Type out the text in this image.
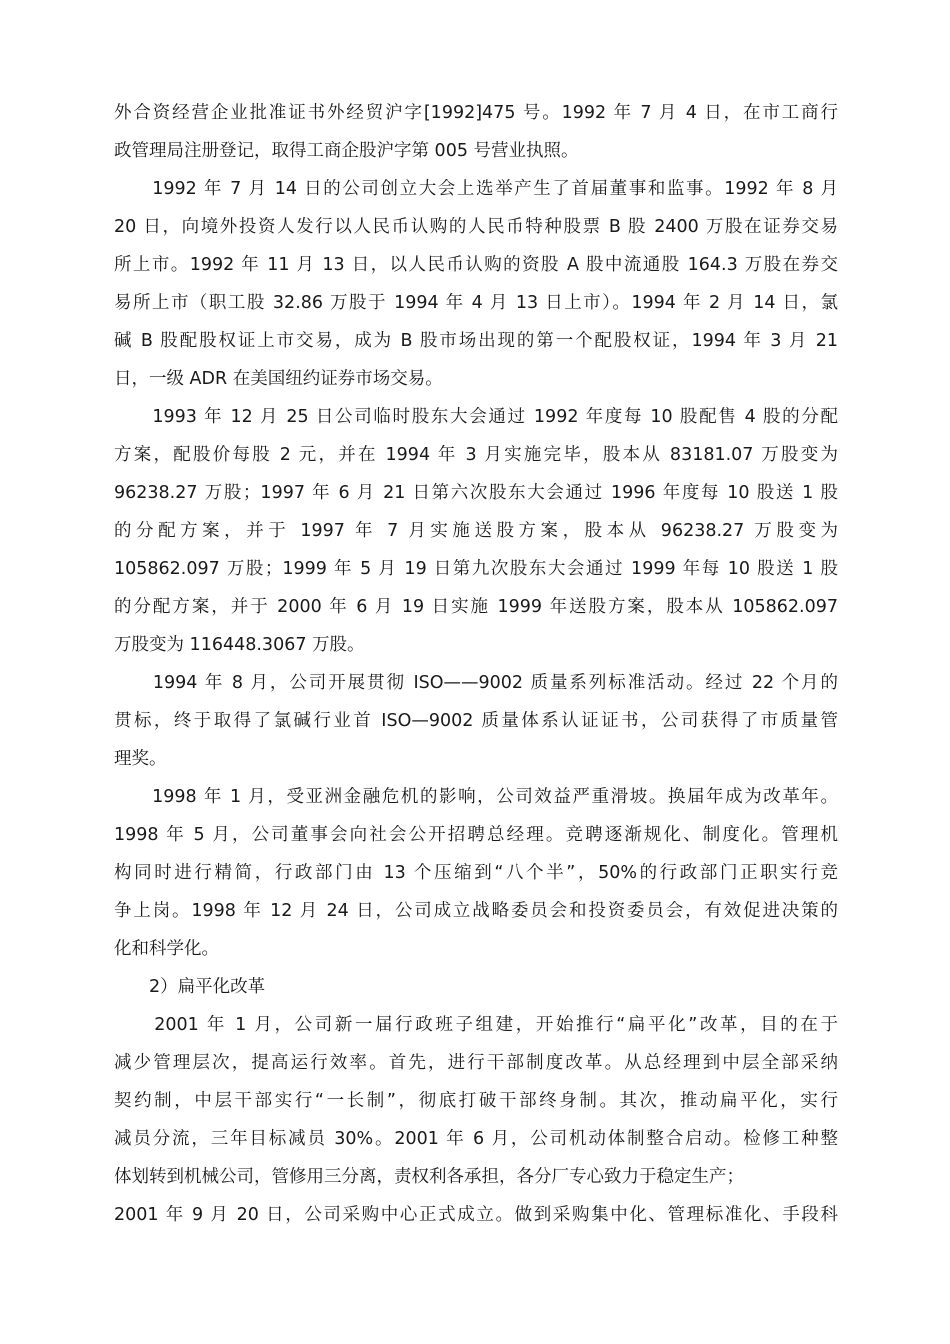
外合资经营企业批准证书外经贸沪字[1992]475 号。1992 年 7 月 4 日，在市工商行
政管理局注册登记，取得工商企股沪字第 005 号营业执照。
　　1992 年 7 月 14 日的公司创立大会上选举产生了首届董事和监事。1992 年 8 月
20 日，向境外投资人发行以人民币认购的人民币特种股票 B 股 2400 万股在证券交易
所上市。1992 年 11 月 13 日，以人民币认购的资股 A 股中流通股 164.3 万股在券交
易所上市（职工股 32.86 万股于 1994 年 4 月 13 日上市）。1994 年 2 月 14 日，氯
碱 B 股配股权证上市交易，成为 B 股市场出现的第一个配股权证，1994 年 3 月 21
日，一级 ADR 在美国纽约证券市场交易。
　　1993 年 12 月 25 日公司临时股东大会通过 1992 年度每 10 股配售 4 股的分配
方案，配股价每股 2 元，并在 1994 年 3 月实施完毕，股本从 83181.07 万股变为
96238.27 万股；1997 年 6 月 21 日第六次股东大会通过 1996 年度每 10 股送 1 股
的分配方案，并于 1997 年 7 月实施送股方案，股本从 96238.27 万股变为
105862.097 万股；1999 年 5 月 19 日第九次股东大会通过 1999 年每 10 股送 1 股
的分配方案，并于 2000 年 6 月 19 日实施 1999 年送股方案，股本从 105862.097
万股变为 116448.3067 万股。
　　1994 年 8 月，公司开展贯彻 ISO——9002 质量系列标准活动。经过 22 个月的
贯标，终于取得了氯碱行业首 ISO—9002 质量体系认证证书，公司获得了市质量管
理奖。
　　1998 年 1 月，受亚洲金融危机的影响，公司效益严重滑坡。换届年成为改革年。
1998 年 5 月，公司董事会向社会公开招聘总经理。竞聘逐渐规化、制度化。管理机
构同时进行精简，行政部门由 13 个压缩到“八个半”，50%的行政部门正职实行竞
争上岗。1998 年 12 月 24 日，公司成立战略委员会和投资委员会，有效促进决策的
化和科学化。
　　2）扁平化改革
　　2001 年 1 月，公司新一届行政班子组建，开始推行“扁平化”改革，目的在于
减少管理层次，提高运行效率。首先，进行干部制度改革。从总经理到中层全部采纳
契约制，中层干部实行“一长制”，彻底打破干部终身制。其次，推动扁平化，实行
减员分流，三年目标减员 30%。2001 年 6 月，公司机动体制整合启动。检修工种整
体划转到机械公司，管修用三分离，责权利各承担，各分厂专心致力于稳定生产；
2001 年 9 月 20 日，公司采购中心正式成立。做到采购集中化、管理标准化、手段科
